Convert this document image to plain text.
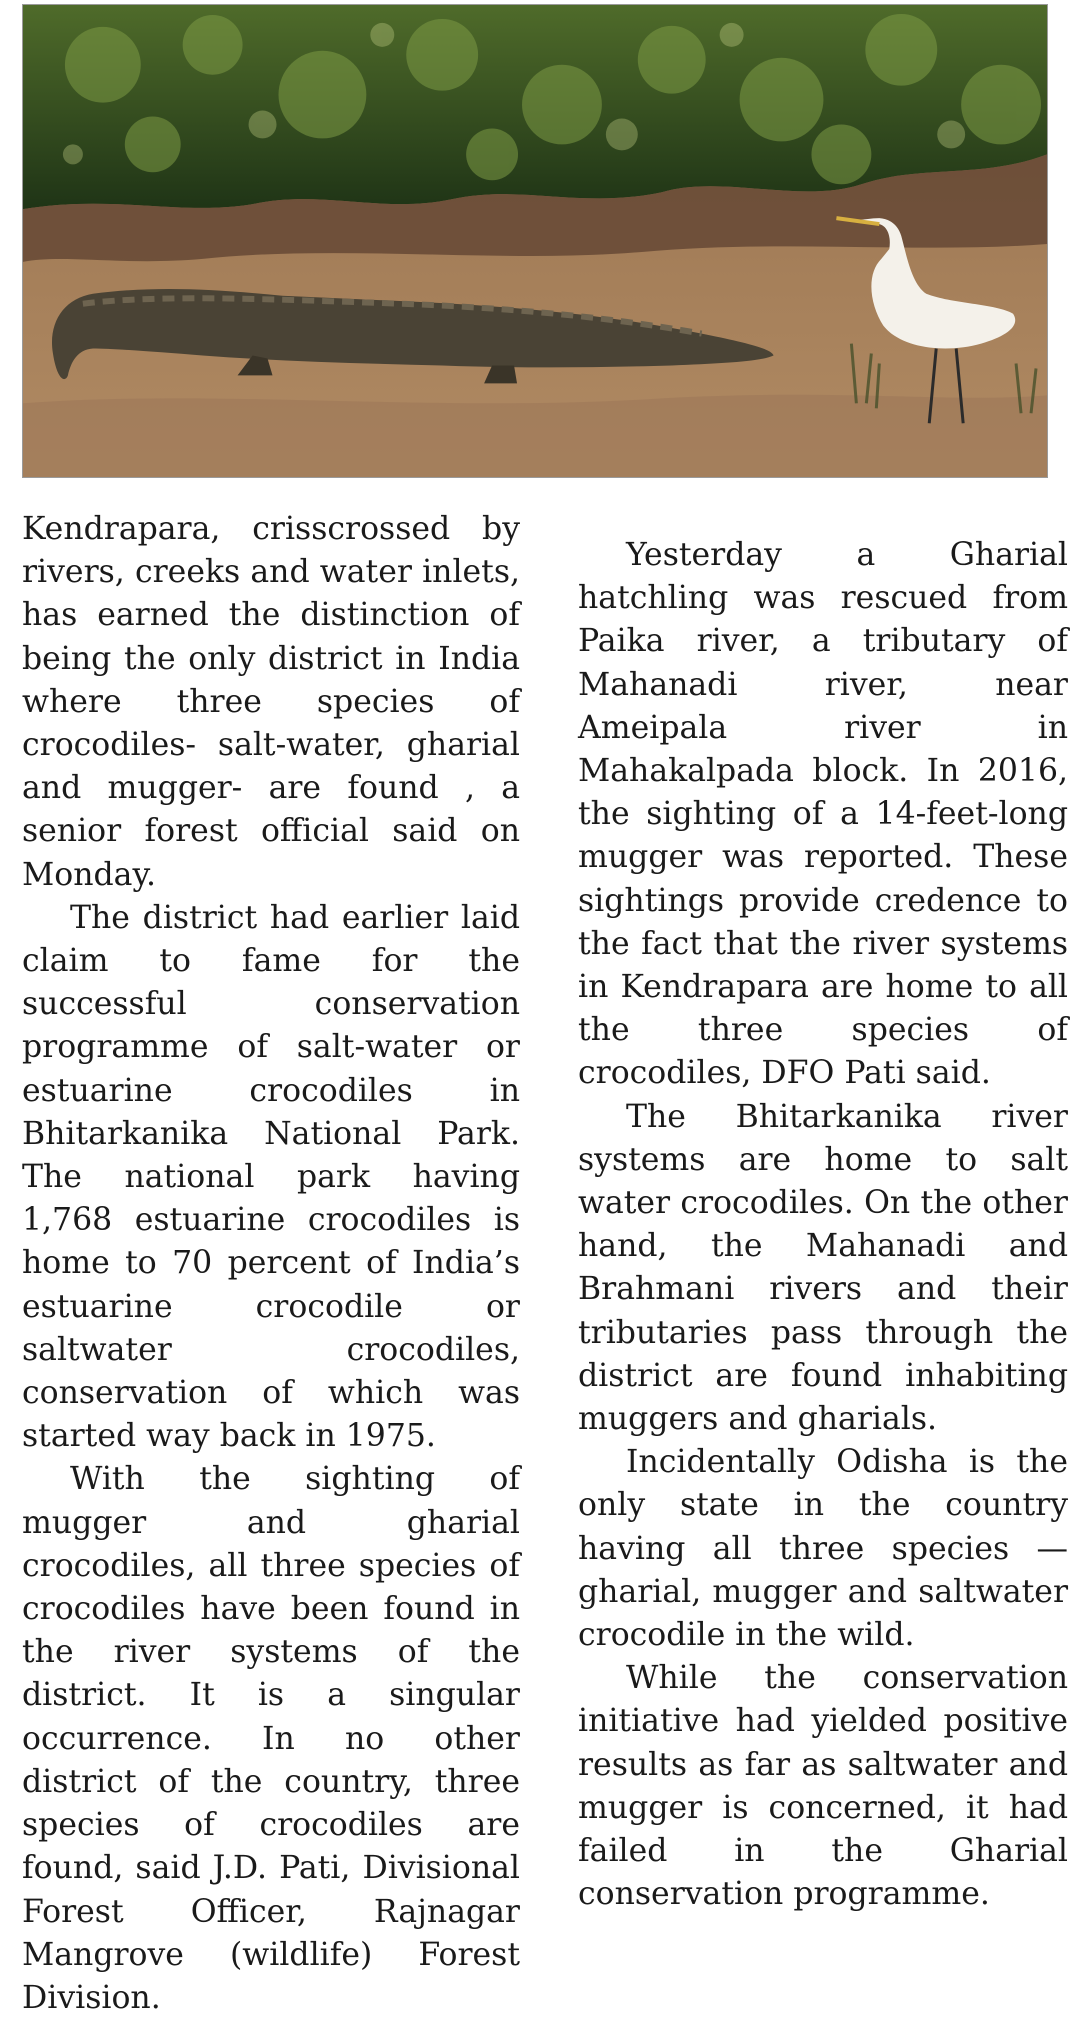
Kendrapara, crisscrossed by rivers, creeks and water inlets, has earned the distinction of being the only district in India where three species of crocodiles- salt-water, gharial and mugger- are found , a senior forest official said on Monday.

The district had earlier laid claim to fame for the successful conservation programme of salt-water or estuarine crocodiles in Bhitarkanika National Park. The national park having 1,768 estuarine crocodiles is home to 70 percent of India’s estuarine crocodile or saltwater crocodiles, conservation of which was started way back in 1975.

With the sighting of mugger and gharial crocodiles, all three species of crocodiles have been found in the river systems of the district. It is a singular occurrence. In no other district of the country, three species of crocodiles are found, said J.D. Pati, Divisional Forest Officer, Rajnagar Mangrove (wildlife) Forest Division.

Yesterday a Gharial hatchling was rescued from Paika river, a tributary of Mahanadi river, near Ameipala river in Mahakalpada block. In 2016, the sighting of a 14-feet-long mugger was reported. These sightings provide credence to the fact that the river systems in Kendrapara are home to all the three species of crocodiles, DFO Pati said.

The Bhitarkanika river systems are home to salt water crocodiles. On the other hand, the Mahanadi and Brahmani rivers and their tributaries pass through the district are found inhabiting muggers and gharials.

Incidentally Odisha is the only state in the country having all three species — gharial, mugger and saltwater crocodile in the wild.

While the conservation initiative had yielded positive results as far as saltwater and mugger is concerned, it had failed in the Gharial conservation programme.
